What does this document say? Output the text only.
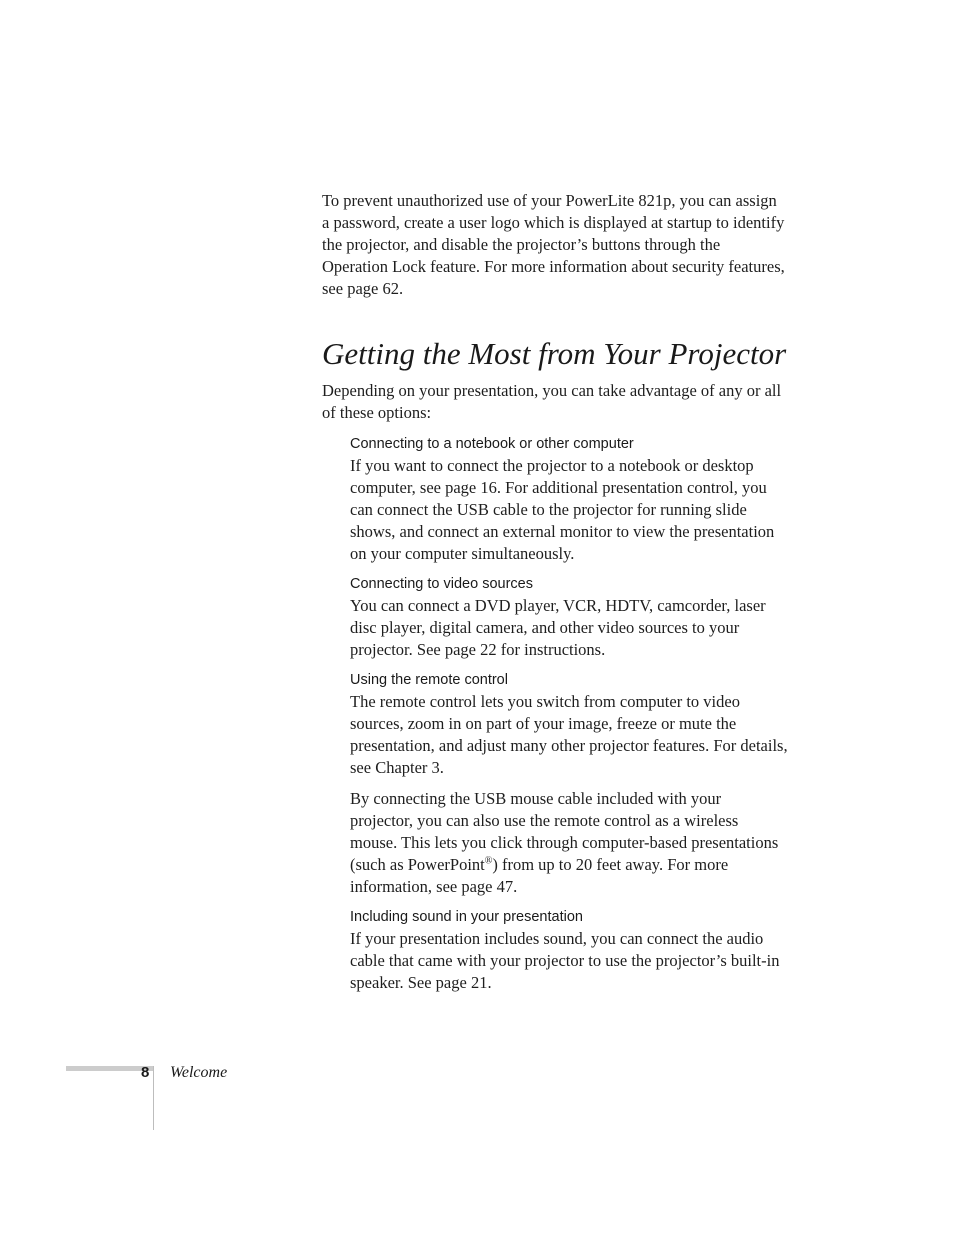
To prevent unauthorized use of your PowerLite 821p, you can assign a password, create a user logo which is displayed at startup to identify the projector, and disable the projector’s buttons through the Operation Lock feature. For more information about security features, see page 62.

Getting the Most from Your Projector

Depending on your presentation, you can take advantage of any or all of these options:

Connecting to a notebook or other computer

If you want to connect the projector to a notebook or desktop computer, see page 16. For additional presentation control, you can connect the USB cable to the projector for running slide shows, and connect an external monitor to view the presentation on your computer simultaneously.

Connecting to video sources

You can connect a DVD player, VCR, HDTV, camcorder, laser disc player, digital camera, and other video sources to your projector. See page 22 for instructions.

Using the remote control

The remote control lets you switch from computer to video sources, zoom in on part of your image, freeze or mute the presentation, and adjust many other projector features. For details, see Chapter 3.

By connecting the USB mouse cable included with your projector, you can also use the remote control as a wireless mouse. This lets you click through computer-based presentations (such as PowerPoint®) from up to 20 feet away. For more information, see page 47.

Including sound in your presentation

If your presentation includes sound, you can connect the audio cable that came with your projector to use the projector’s built-in speaker. See page 21.

8 Welcome
